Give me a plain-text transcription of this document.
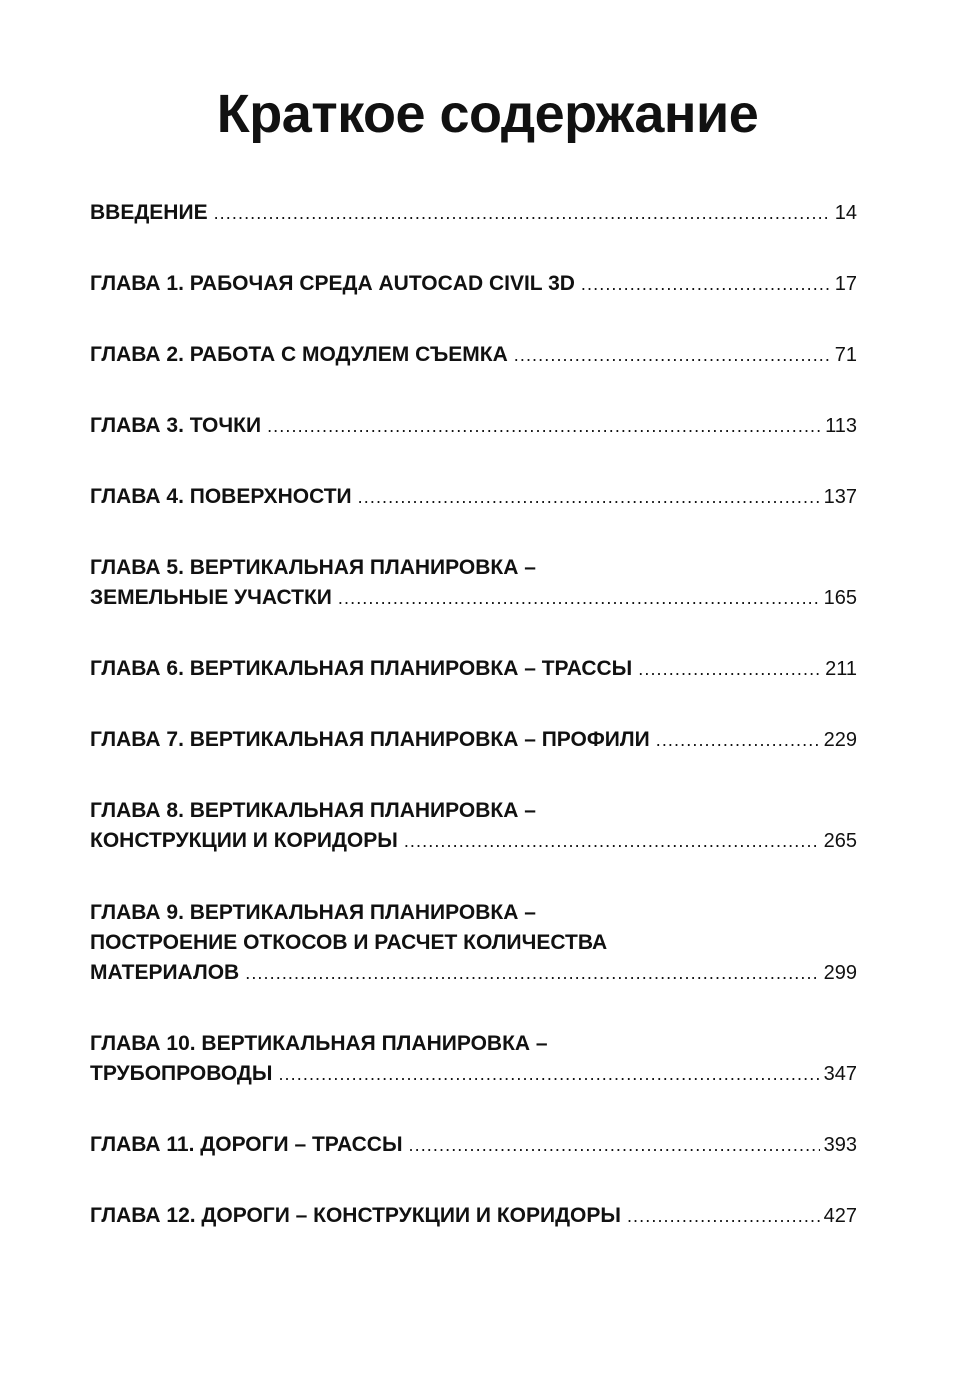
Краткое содержание
ВВЕДЕНИЕ .....	14
ГЛАВА 1. РАБОЧАЯ СРЕДА AUTOCAD CIVIL 3D .....	17
ГЛАВА 2. РАБОТА С МОДУЛЕМ СЪЕМКА .....	71
ГЛАВА 3. ТОЧКИ .....	113
ГЛАВА 4. ПОВЕРХНОСТИ .....	137
ГЛАВА 5. ВЕРТИКАЛЬНАЯ ПЛАНИРОВКА –
ЗЕМЕЛЬНЫЕ УЧАСТКИ .....	165
ГЛАВА 6. ВЕРТИКАЛЬНАЯ ПЛАНИРОВКА – ТРАССЫ .....	211
ГЛАВА 7. ВЕРТИКАЛЬНАЯ ПЛАНИРОВКА – ПРОФИЛИ .....	229
ГЛАВА 8. ВЕРТИКАЛЬНАЯ ПЛАНИРОВКА –
КОНСТРУКЦИИ И КОРИДОРЫ .....	265
ГЛАВА 9. ВЕРТИКАЛЬНАЯ ПЛАНИРОВКА –
ПОСТРОЕНИЕ ОТКОСОВ И РАСЧЕТ КОЛИЧЕСТВА
МАТЕРИАЛОВ .....	299
ГЛАВА 10. ВЕРТИКАЛЬНАЯ ПЛАНИРОВКА –
ТРУБОПРОВОДЫ .....	347
ГЛАВА 11. ДОРОГИ – ТРАССЫ .....	393
ГЛАВА 12. ДОРОГИ – КОНСТРУКЦИИ И КОРИДОРЫ .....	427
